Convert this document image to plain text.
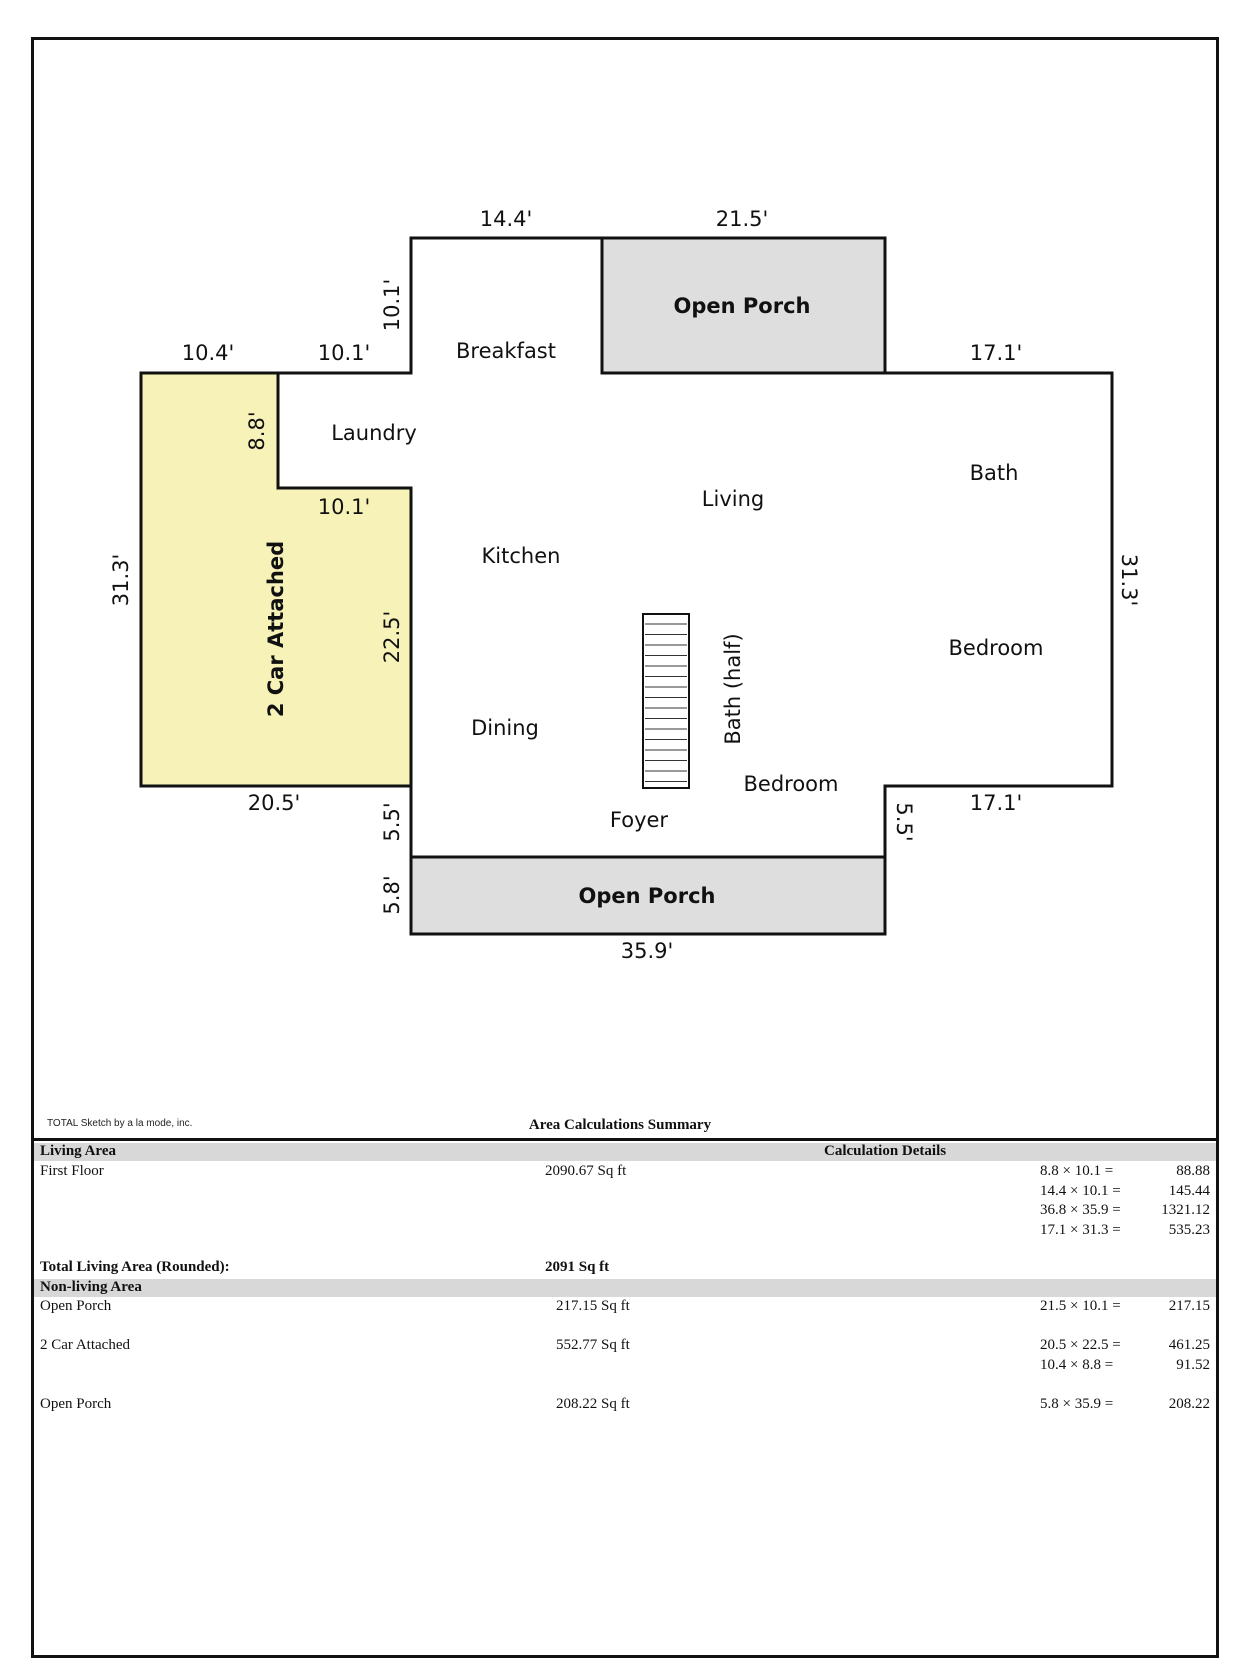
Breakfast
Laundry
Living
Bath
Kitchen
Bedroom
Bath (half)
Dining
Bedroom
Foyer
2 Car Attached
Open Porch
Open Porch
14.4'	21.5'
10.1'
10.4'	10.1'	17.1'
8.8'
10.1'
31.3'	31.3'
22.5'
20.5'	5.5'	5.5'	17.1'
5.8'
35.9'
TOTAL Sketch by a la mode, inc.	Area Calculations Summary
Living Area	Calculation Details
First Floor	2090.67 Sq ft	8.8 × 10.1 =	88.88
14.4 × 10.1 =	145.44
36.8 × 35.9 =	1321.12
17.1 × 31.3 =	535.23
Total Living Area (Rounded):	2091 Sq ft
Non-living Area
Open Porch	217.15 Sq ft	21.5 × 10.1 =	217.15
2 Car Attached	552.77 Sq ft	20.5 × 22.5 =	461.25
10.4 × 8.8 =	91.52
Open Porch	208.22 Sq ft	5.8 × 35.9 =	208.22
